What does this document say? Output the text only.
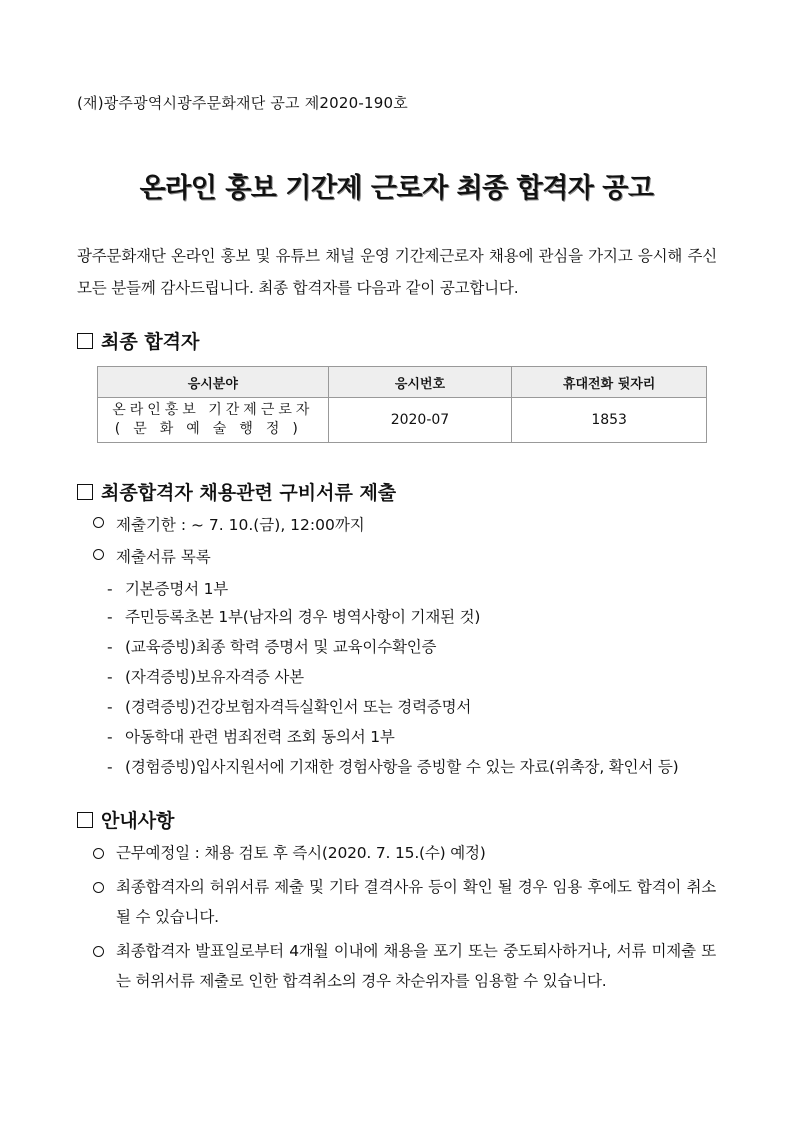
(재)광주광역시광주문화재단 공고 제2020-190호
온라인 홍보 기간제 근로자 최종 합격자 공고
광주문화재단 온라인 홍보 및 유튜브 채널 운영 기간제근로자 채용에 관심을 가지고 응시해 주신 모든 분들께 감사드립니다. 최종 합격자를 다음과 같이 공고합니다.
최종 합격자
응시분야	응시번호	휴대전화 뒷자리

온라인홍보 기간제근로자
(문화예술행정)	2020-07	1853
최종합격자 채용관련 구비서류 제출
제출기한 : ~ 7. 10.(금), 12:00까지
제출서류 목록
- 기본증명서 1부
- 주민등록초본 1부(남자의 경우 병역사항이 기재된 것)
- (교육증빙)최종 학력 증명서 및 교육이수확인증
- (자격증빙)보유자격증 사본
- (경력증빙)건강보험자격득실확인서 또는 경력증명서
- 아동학대 관련 범죄전력 조회 동의서 1부
- (경험증빙)입사지원서에 기재한 경험사항을 증빙할 수 있는 자료(위촉장, 확인서 등)
안내사항
근무예정일 : 채용 검토 후 즉시(2020. 7. 15.(수) 예정)
최종합격자의 허위서류 제출 및 기타 결격사유 등이 확인 될 경우 임용 후에도 합격이 취소될 수 있습니다.
최종합격자 발표일로부터 4개월 이내에 채용을 포기 또는 중도퇴사하거나, 서류 미제출 또는 허위서류 제출로 인한 합격취소의 경우 차순위자를 임용할 수 있습니다.
